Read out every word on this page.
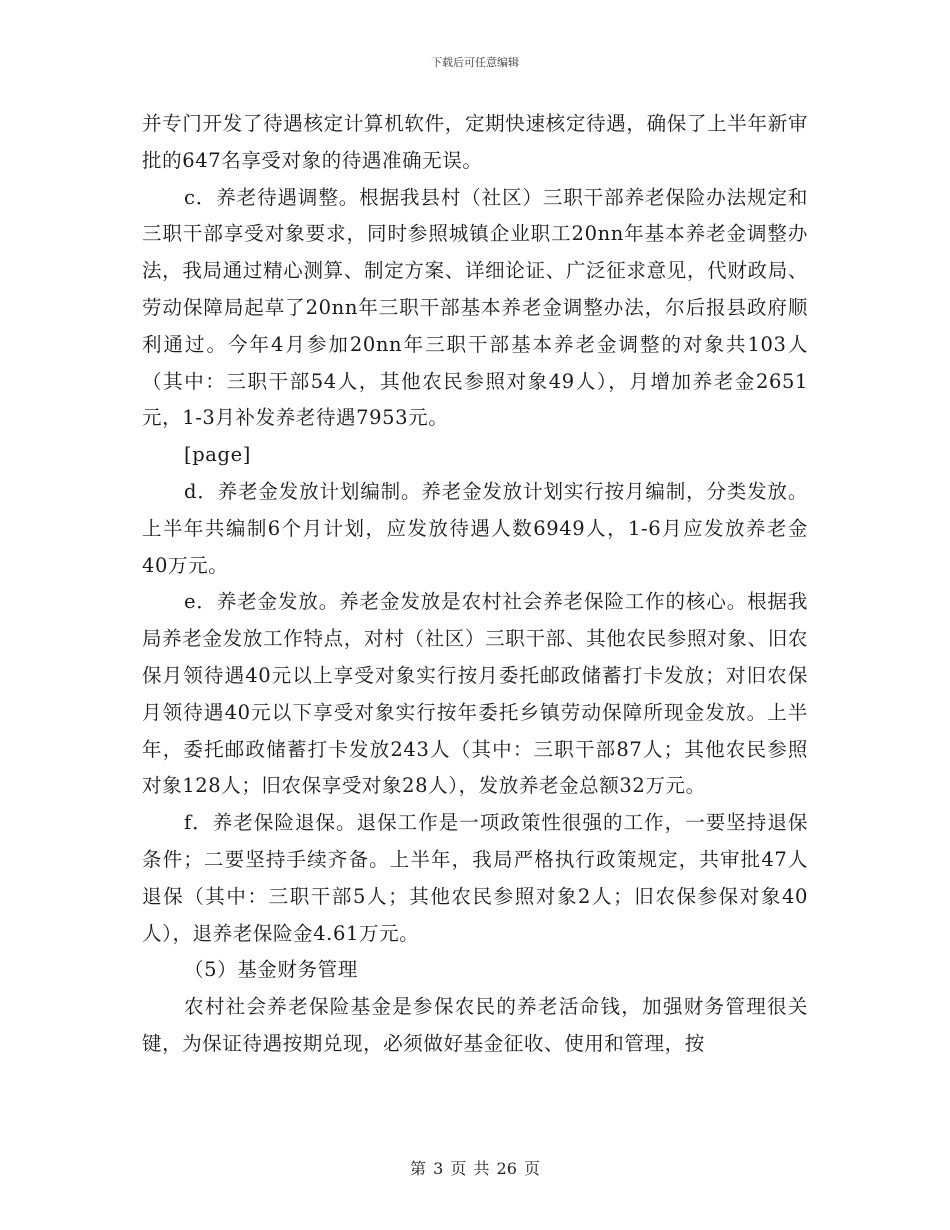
下载后可任意编辑

并专门开发了待遇核定计算机软件，定期快速核定待遇，确保了上半年新审批的647名享受对象的待遇准确无误。

c．养老待遇调整。根据我县村（社区）三职干部养老保险办法规定和三职干部享受对象要求，同时参照城镇企业职工20nn年基本养老金调整办法，我局通过精心测算、制定方案、详细论证、广泛征求意见，代财政局、劳动保障局起草了20nn年三职干部基本养老金调整办法，尔后报县政府顺利通过。今年4月参加20nn年三职干部基本养老金调整的对象共103人（其中：三职干部54人，其他农民参照对象49人），月增加养老金2651元，1-3月补发养老待遇7953元。

[page]

d．养老金发放计划编制。养老金发放计划实行按月编制，分类发放。上半年共编制6个月计划，应发放待遇人数6949人，1-6月应发放养老金40万元。

e．养老金发放。养老金发放是农村社会养老保险工作的核心。根据我局养老金发放工作特点，对村（社区）三职干部、其他农民参照对象、旧农保月领待遇40元以上享受对象实行按月委托邮政储蓄打卡发放；对旧农保月领待遇40元以下享受对象实行按年委托乡镇劳动保障所现金发放。上半年，委托邮政储蓄打卡发放243人（其中：三职干部87人；其他农民参照对象128人；旧农保享受对象28人），发放养老金总额32万元。

f．养老保险退保。退保工作是一项政策性很强的工作，一要坚持退保条件；二要坚持手续齐备。上半年，我局严格执行政策规定，共审批47人退保（其中：三职干部5人；其他农民参照对象2人；旧农保参保对象40人），退养老保险金4.61万元。

（5）基金财务管理

农村社会养老保险基金是参保农民的养老活命钱，加强财务管理很关键，为保证待遇按期兑现，必须做好基金征收、使用和管理，按

第 3 页 共 26 页
